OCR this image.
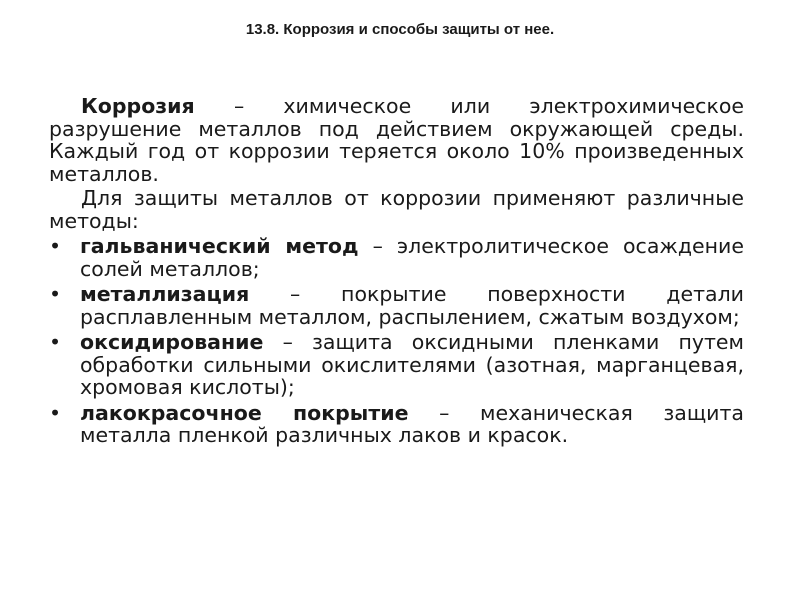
13.8. Коррозия и способы защиты от нее.

Коррозия – химическое или электрохимическое разрушение металлов под действием окружающей среды. Каждый год от коррозии теряется около 10% произведенных металлов.

Для защиты металлов от коррозии применяют различные методы:

• гальванический метод – электролитическое осаждение солей металлов;
• металлизация – покрытие поверхности детали расплавленным металлом, распылением, сжатым воздухом;
• оксидирование – защита оксидными пленками путем обработки сильными окислителями (азотная, марганцевая, хромовая кислоты);
• лакокрасочное покрытие – механическая защита металла пленкой различных лаков и красок.
